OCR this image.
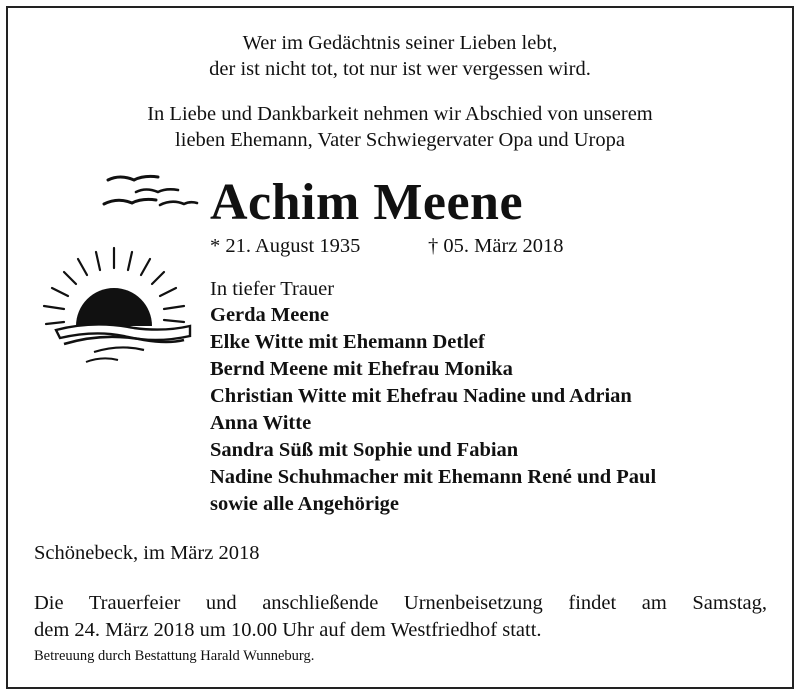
Wer im Gedächtnis seiner Lieben lebt,
der ist nicht tot, tot nur ist wer vergessen wird.
In Liebe und Dankbarkeit nehmen wir Abschied von unserem
lieben Ehemann, Vater Schwiegervater Opa und Uropa
Achim Meene
* 21. August 1935	† 05. März 2018
In tiefer Trauer
Gerda Meene
Elke Witte mit Ehemann Detlef
Bernd Meene mit Ehefrau Monika
Christian Witte mit Ehefrau Nadine und Adrian
Anna Witte
Sandra Süß mit Sophie und Fabian
Nadine Schuhmacher mit Ehemann René und Paul
sowie alle Angehörige
Schönebeck, im März 2018
Die Trauerfeier und anschließende Urnenbeisetzung findet am Samstag,
dem 24. März 2018 um 10.00 Uhr auf dem Westfriedhof statt.
Betreuung durch Bestattung Harald Wunneburg.
